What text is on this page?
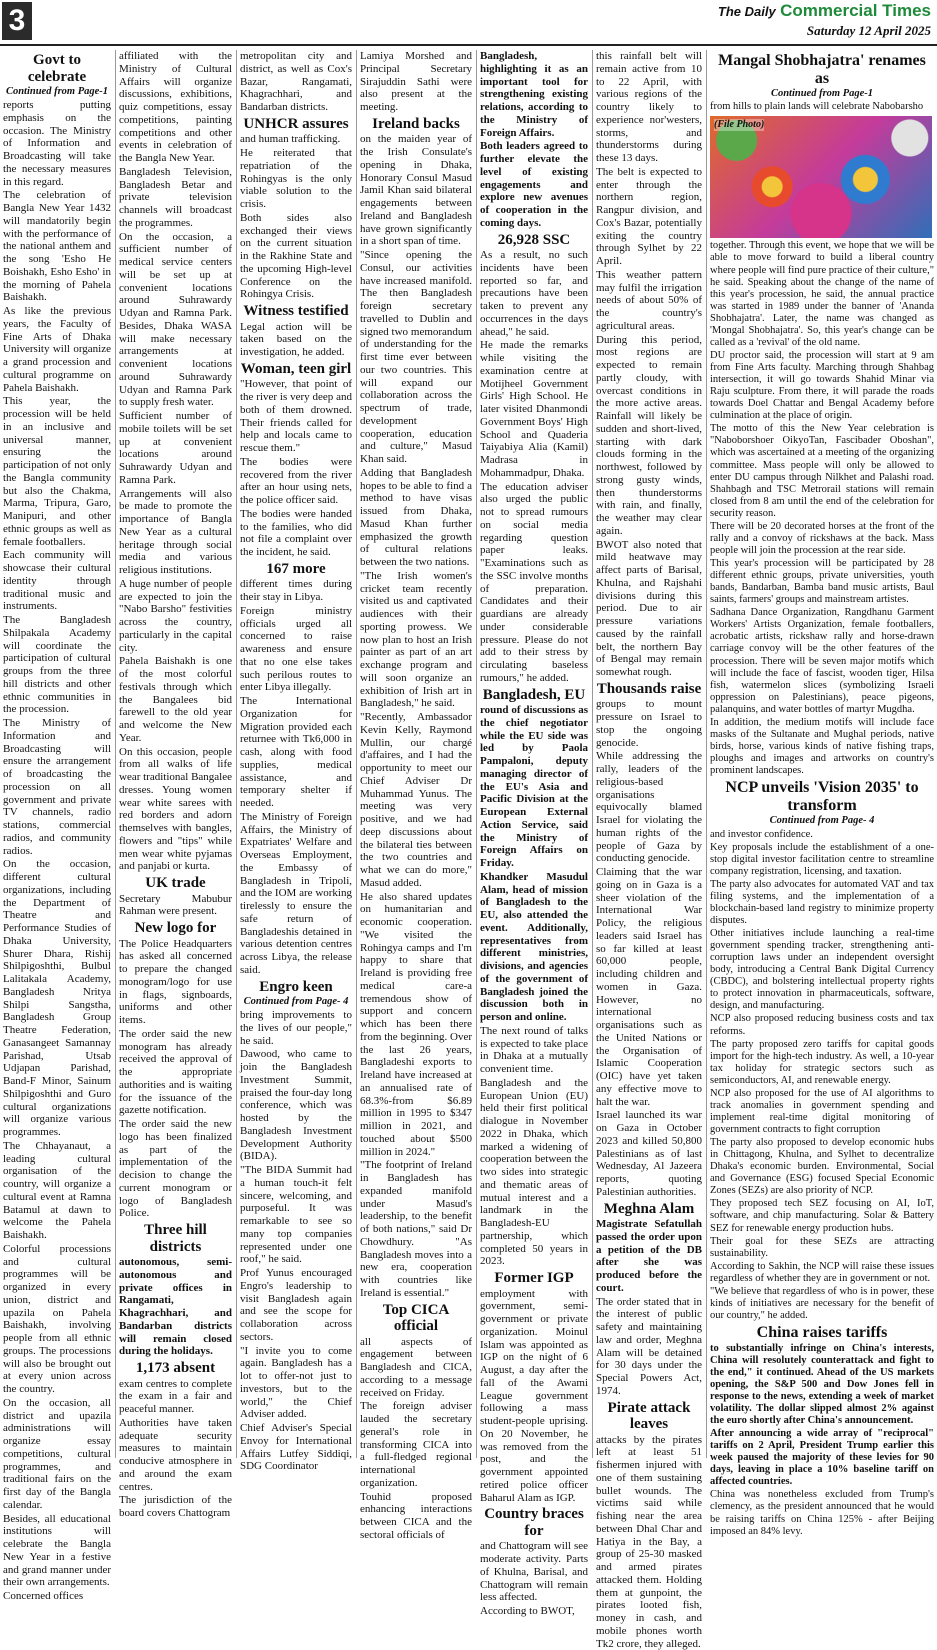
3	The Daily Commercial Times
Saturday 12 April 2025
Govt to celebrate
Continued from Page-1

reports putting emphasis on the occasion. The Ministry of Information and Broadcasting will take the necessary measures in this regard.

The celebration of Bangla New Year 1432 will mandatorily begin with the performance of the national anthem and the song 'Esho He Boishakh, Esho Esho' in the morning of Pahela Baishakh.

As like the previous years, the Faculty of Fine Arts of Dhaka University will organize a grand procession and cultural programme on Pahela Baishakh.

This year, the procession will be held in an inclusive and universal manner, ensuring the participation of not only the Bangla community but also the Chakma, Marma, Tripura, Garo, Manipuri, and other ethnic groups as well as female footballers.

Each community will showcase their cultural identity through traditional music and instruments.

The Bangladesh Shilpakala Academy will coordinate the participation of cultural groups from the three hill districts and other ethnic communities in the procession.

The Ministry of Information and Broadcasting will ensure the arrangement of broadcasting the procession on all government and private TV channels, radio stations, commercial radios, and community radios.

On the occasion, different cultural organizations, including the Department of Theatre and Performance Studies of Dhaka University, Shurer Dhara, Rishij Shilpigoshthi, Bulbul Lalitakala Academy, Bangladesh Nritya Shilpi Sangstha, Bangladesh Group Theatre Federation, Ganasangeet Samannay Parishad, Utsab Udjapan Parishad, Band-F Minor, Sainum Shilpigoshthi and Guro cultural organizations will organize various programmes.

The Chhayanaut, a leading cultural organisation of the country, will organize a cultural event at Ramna Batamul at dawn to welcome the Pahela Baishakh.

Colorful processions and cultural programmes will be organized in every union, district and upazila on Pahela Baishakh, involving people from all ethnic groups. The processions will also be brought out at every union across the country.

On the occasion, all district and upazila administrations will organize essay competitions, cultural programmes, and traditional fairs on the first day of the Bangla calendar.

Besides, all educational institutions will celebrate the Bangla New Year in a festive and grand manner under their own arrangements.

Concerned offices

affiliated with the Ministry of Cultural Affairs will organize discussions, exhibitions, quiz competitions, essay competitions, painting competitions and other events in celebration of the Bangla New Year.

Bangladesh Television, Bangladesh Betar and private television channels will broadcast the programmes.

On the occasion, a sufficient number of medical service centers will be set up at convenient locations around Suhrawardy Udyan and Ramna Park. Besides, Dhaka WASA will make necessary arrangements at convenient locations around Suhrawardy Udyan and Ramna Park to supply fresh water.

Sufficient number of mobile toilets will be set up at convenient locations around Suhrawardy Udyan and Ramna Park.

Arrangements will also be made to promote the importance of Bangla New Year as a cultural heritage through social media and various religious institutions.

A huge number of people are expected to join the "Nabo Barsho" festivities across the country, particularly in the capital city.

Pahela Baishakh is one of the most colorful festivals through which the Bangalees bid farewell to the old year and welcome the New Year.

On this occasion, people from all walks of life wear traditional Bangalee dresses. Young women wear white sarees with red borders and adorn themselves with bangles, flowers and "tips" while men wear white pyjamas and panjabi or kurta.

UK trade

Secretary Mabubur Rahman were present.

New logo for

The Police Headquarters has asked all concerned to prepare the changed monogram/logo for use in flags, signboards, uniforms and other items.

The order said the new monogram has already received the approval of the appropriate authorities and is waiting for the issuance of the gazette notification.

The order said the new logo has been finalized as part of the implementation of the decision to change the current monogram or logo of Bangladesh Police.

Three hill districts

autonomous, semi-autonomous and private offices in Rangamati, Khagrachhari, and Bandarban districts will remain closed during the holidays.

1,173 absent

exam centres to complete the exam in a fair and peaceful manner.

Authorities have taken adequate security measures to maintain conducive atmosphere in and around the exam centres.

The jurisdiction of the board covers Chattogram

metropolitan city and district, as well as Cox's Bazar, Rangamati, Khagrachhari, and Bandarban districts.

UNHCR assures

and human trafficking.

He reiterated that repatriation of the Rohingyas is the only viable solution to the crisis.

Both sides also exchanged their views on the current situation in the Rakhine State and the upcoming High-level Conference on the Rohingya Crisis.

Witness testified

Legal action will be taken based on the investigation, he added.

Woman, teen girl

"However, that point of the river is very deep and both of them drowned. Their friends called for help and locals came to rescue them."

The bodies were recovered from the river after an hour using nets, the police officer said.

The bodies were handed to the families, who did not file a complaint over the incident, he said.

167 more

different times during their stay in Libya.

Foreign ministry officials urged all concerned to raise awareness and ensure that no one else takes such perilous routes to enter Libya illegally.

The International Organization for Migration provided each returnee with Tk6,000 in cash, along with food supplies, medical assistance, and temporary shelter if needed.

The Ministry of Foreign Affairs, the Ministry of Expatriates' Welfare and Overseas Employment, the Embassy of Bangladesh in Tripoli, and the IOM are working tirelessly to ensure the safe return of Bangladeshis detained in various detention centres across Libya, the release said.

Engro keen
Continued from Page- 4

bring improvements to the lives of our people," he said.

Dawood, who came to join the Bangladesh Investment Summit, praised the four-day long conference, which was hosted by the Bangladesh Investment Development Authority (BIDA).

"The BIDA Summit had a human touch-it felt sincere, welcoming, and purposeful. It was remarkable to see so many top companies represented under one roof," he said.

Prof Yunus encouraged Engro's leadership to visit Bangladesh again and see the scope for collaboration across sectors.

"I invite you to come again. Bangladesh has a lot to offer-not just to investors, but to the world," the Chief Adviser added.

Chief Adviser's Special Envoy for International Affairs Lutfey Siddiqi, SDG Coordinator

Lamiya Morshed and Principal Secretary Sirajuddin Sathi were also present at the meeting.

Ireland backs

on the maiden year of the Irish Consulate's opening in Dhaka, Honorary Consul Masud Jamil Khan said bilateral engagements between Ireland and Bangladesh have grown significantly in a short span of time.

"Since opening the Consul, our activities have increased manifold. The then Bangladesh foreign secretary travelled to Dublin and signed two memorandum of understanding for the first time ever between our two countries. This will expand our collaboration across the spectrum of trade, development cooperation, education and culture," Masud Khan said.

Adding that Bangladesh hopes to be able to find a method to have visas issued from Dhaka, Masud Khan further emphasized the growth of cultural relations between the two nations.

"The Irish women's cricket team recently visited us and captivated audiences with their sporting prowess. We now plan to host an Irish painter as part of an art exchange program and will soon organize an exhibition of Irish art in Bangladesh," he said.

"Recently, Ambassador Kevin Kelly, Raymond Mullin, our chargé d'affaires, and I had the opportunity to meet our Chief Adviser Dr Muhammad Yunus. The meeting was very positive, and we had deep discussions about the bilateral ties between the two countries and what we can do more," Masud added.

He also shared updates on humanitarian and economic cooperation. "We visited the Rohingya camps and I'm happy to share that Ireland is providing free medical care-a tremendous show of support and concern which has been there from the beginning. Over the last 26 years, Bangladeshi exports to Ireland have increased at an annualised rate of 68.3%-from $6.89 million in 1995 to $347 million in 2021, and touched about $500 million in 2024."

"The footprint of Ireland in Bangladesh has expanded manifold under Masud's leadership, to the benefit of both nations," said Dr Chowdhury. "As Bangladesh moves into a new era, cooperation with countries like Ireland is essential."

Top CICA official

all aspects of engagement between Bangladesh and CICA, according to a message received on Friday.

The foreign adviser lauded the secretary general's role in transforming CICA into a full-fledged regional international organization.

Touhid proposed enhancing interactions between CICA and the sectoral officials of

Bangladesh, highlighting it as an important tool for strengthening existing relations, according to the Ministry of Foreign Affairs.

Both leaders agreed to further elevate the level of existing engagements and explore new avenues of cooperation in the coming days.

26,928 SSC

As a result, no such incidents have been reported so far, and precautions have been taken to prevent any occurrences in the days ahead," he said.

He made the remarks while visiting the examination centre at Motijheel Government Girls' High School. He later visited Dhanmondi Government Boys' High School and Quaderia Taiyabiya Alia (Kamil) Madrasa in Mohammadpur, Dhaka.

The education adviser also urged the public not to spread rumours on social media regarding question paper leaks. "Examinations such as the SSC involve months of preparation. Candidates and their guardians are already under considerable pressure. Please do not add to their stress by circulating baseless rumours," he added.

Bangladesh, EU

round of discussions as the chief negotiator while the EU side was led by Paola Pampaloni, deputy managing director of the EU's Asia and Pacific Division at the European External Action Service, said the Ministry of Foreign Affairs on Friday.

Khandker Masudul Alam, head of mission of Bangladesh to the EU, also attended the event. Additionally, representatives from different ministries, divisions, and agencies of the government of Bangladesh joined the discussion both in person and online.

The next round of talks is expected to take place in Dhaka at a mutually convenient time.

Bangladesh and the European Union (EU) held their first political dialogue in November 2022 in Dhaka, which marked a widening of cooperation between the two sides into strategic and thematic areas of mutual interest and a landmark in the Bangladesh-EU partnership, which completed 50 years in 2023.

Former IGP

employment with government, semi-government or private organization. Moinul Islam was appointed as IGP on the night of 6 August, a day after the fall of the Awami League government following a mass student-people uprising. On 20 November, he was removed from the post, and the government appointed retired police officer Baharul Alam as IGP.

Country braces for

and Chattogram will see moderate activity. Parts of Khulna, Barisal, and Chattogram will remain less affected.

According to BWOT,

this rainfall belt will remain active from 10 to 22 April, with various regions of the country likely to experience nor'westers, storms, and thunderstorms during these 13 days.

The belt is expected to enter through the northern region, Rangpur division, and Cox's Bazar, potentially exiting the country through Sylhet by 22 April.

This weather pattern may fulfil the irrigation needs of about 50% of the country's agricultural areas.

During this period, most regions are expected to remain partly cloudy, with overcast conditions in the more active areas. Rainfall will likely be sudden and short-lived, starting with dark clouds forming in the northwest, followed by strong gusty winds, then thunderstorms with rain, and finally, the weather may clear again.

BWOT also noted that mild heatwave may affect parts of Barisal, Khulna, and Rajshahi divisions during this period. Due to air pressure variations caused by the rainfall belt, the northern Bay of Bengal may remain somewhat rough.

Thousands raise

groups to mount pressure on Israel to stop the ongoing genocide.

While addressing the rally, leaders of the religious-based organisations equivocally blamed Israel for violating the human rights of the people of Gaza by conducting genocide.

Claiming that the war going on in Gaza is a sheer violation of the International War Policy, the religious leaders said Israel has so far killed at least 60,000 people, including children and women in Gaza. However, no international organisations such as the United Nations or the Organisation of Islamic Cooperation (OIC) have yet taken any effective move to halt the war.

Israel launched its war on Gaza in October 2023 and killed 50,800 Palestinians as of last Wednesday, Al Jazeera reports, quoting Palestinian authorities.

Meghna Alam

Magistrate Sefatullah passed the order upon a petition of the DB after she was produced before the court.

The order stated that in the interest of public safety and maintaining law and order, Meghna Alam will be detained for 30 days under the Special Powers Act, 1974.

Pirate attack leaves

attacks by the pirates left at least 51 fishermen injured with one of them sustaining bullet wounds. The victims said while fishing near the area between Dhal Char and Hatiya in the Bay, a group of 25-30 masked and armed pirates attacked them. Holding them at gunpoint, the pirates looted fish, money in cash, and mobile phones worth Tk2 crore, they alleged.

Mangal Shobhajatra' renames as
Continued from Page-1

from hills to plain lands will celebrate Nabobarsho

(File Photo)

together. Through this event, we hope that we will be able to move forward to build a liberal country where people will find pure practice of their culture," he said. Speaking about the change of the name of this year's procession, he said, the annual practice was started in 1989 under the banner of 'Ananda Shobhajatra'. Later, the name was changed as 'Mongal Shobhajatra'. So, this year's change can be called as a 'revival' of the old name.

DU proctor said, the procession will start at 9 am from Fine Arts faculty. Marching through Shahbag intersection, it will go towards Shahid Minar via Raju sculpture. From there, it will parade the roads towards Doel Chattar and Bengal Academy before culmination at the place of origin.

The motto of this the New Year celebration is "Naboborshoer OikyoTan, Fascibader Oboshan", which was ascertained at a meeting of the organizing committee. Mass people will only be allowed to enter DU campus through Nilkhet and Palashi road. Shahbagh and TSC Metrorail stations will remain closed from 8 am until the end of the celebration for security reason.

There will be 20 decorated horses at the front of the rally and a convoy of rickshaws at the back. Mass people will join the procession at the rear side.

This year's procession will be participated by 28 different ethnic groups, private universities, youth bands, Bandarban, Bamba band music artists, Baul saints, farmers' groups and mainstream artistes.

Sadhana Dance Organization, Rangdhanu Garment Workers' Artists Organization, female footballers, acrobatic artists, rickshaw rally and horse-drawn carriage convoy will be the other features of the procession. There will be seven major motifs which will include the face of fascist, wooden tiger, Hilsa fish, watermelon slices (symbolizing Israeli oppression on Palestinians), peace pigeons, palanquins, and water bottles of martyr Mugdha.

In addition, the medium motifs will include face masks of the Sultanate and Mughal periods, native birds, horse, various kinds of native fishing traps, ploughs and images and artworks on country's prominent landscapes.

NCP unveils 'Vision 2035' to transform
Continued from Page- 4

and investor confidence.

Key proposals include the establishment of a one-stop digital investor facilitation centre to streamline company registration, licensing, and taxation.

The party also advocates for automated VAT and tax filing systems, and the implementation of a blockchain-based land registry to minimize property disputes.

Other initiatives include launching a real-time government spending tracker, strengthening anti-corruption laws under an independent oversight body, introducing a Central Bank Digital Currency (CBDC), and bolstering intellectual property rights to protect innovation in pharmaceuticals, software, design, and manufacturing.

NCP also proposed reducing business costs and tax reforms.

The party proposed zero tariffs for capital goods import for the high-tech industry. As well, a 10-year tax holiday for strategic sectors such as semiconductors, AI, and renewable energy.

NCP also proposed for the use of AI algorithms to track anomalies in government spending and implement real-time digital monitoring of government contracts to fight corruption

The party also proposed to develop economic hubs in Chittagong, Khulna, and Sylhet to decentralize Dhaka's economic burden. Environmental, Social and Governance (ESG) focused Special Economic Zones (SEZs) are also priority of NCP.

They proposed tech SEZ focusing on AI, IoT, software, and chip manufacturing. Solar & Battery SEZ for renewable energy production hubs.

Their goal for these SEZs are attracting sustainability.

According to Sakhin, the NCP will raise these issues regardless of whether they are in government or not.

"We believe that regardless of who is in power, these kinds of initiatives are necessary for the benefit of our country," he added.

China raises tariffs

to substantially infringe on China's interests, China will resolutely counterattack and fight to the end," it continued. Ahead of the US markets opening, the S&P 500 and Dow Jones fell in response to the news, extending a week of market volatility. The dollar slipped almost 2% against the euro shortly after China's announcement.

After announcing a wide array of "reciprocal" tariffs on 2 April, President Trump earlier this week paused the majority of these levies for 90 days, leaving in place a 10% baseline tariff on affected countries.

China was nonetheless excluded from Trump's clemency, as the president announced that he would be raising tariffs on China 125% - after Beijing imposed an 84% levy.
